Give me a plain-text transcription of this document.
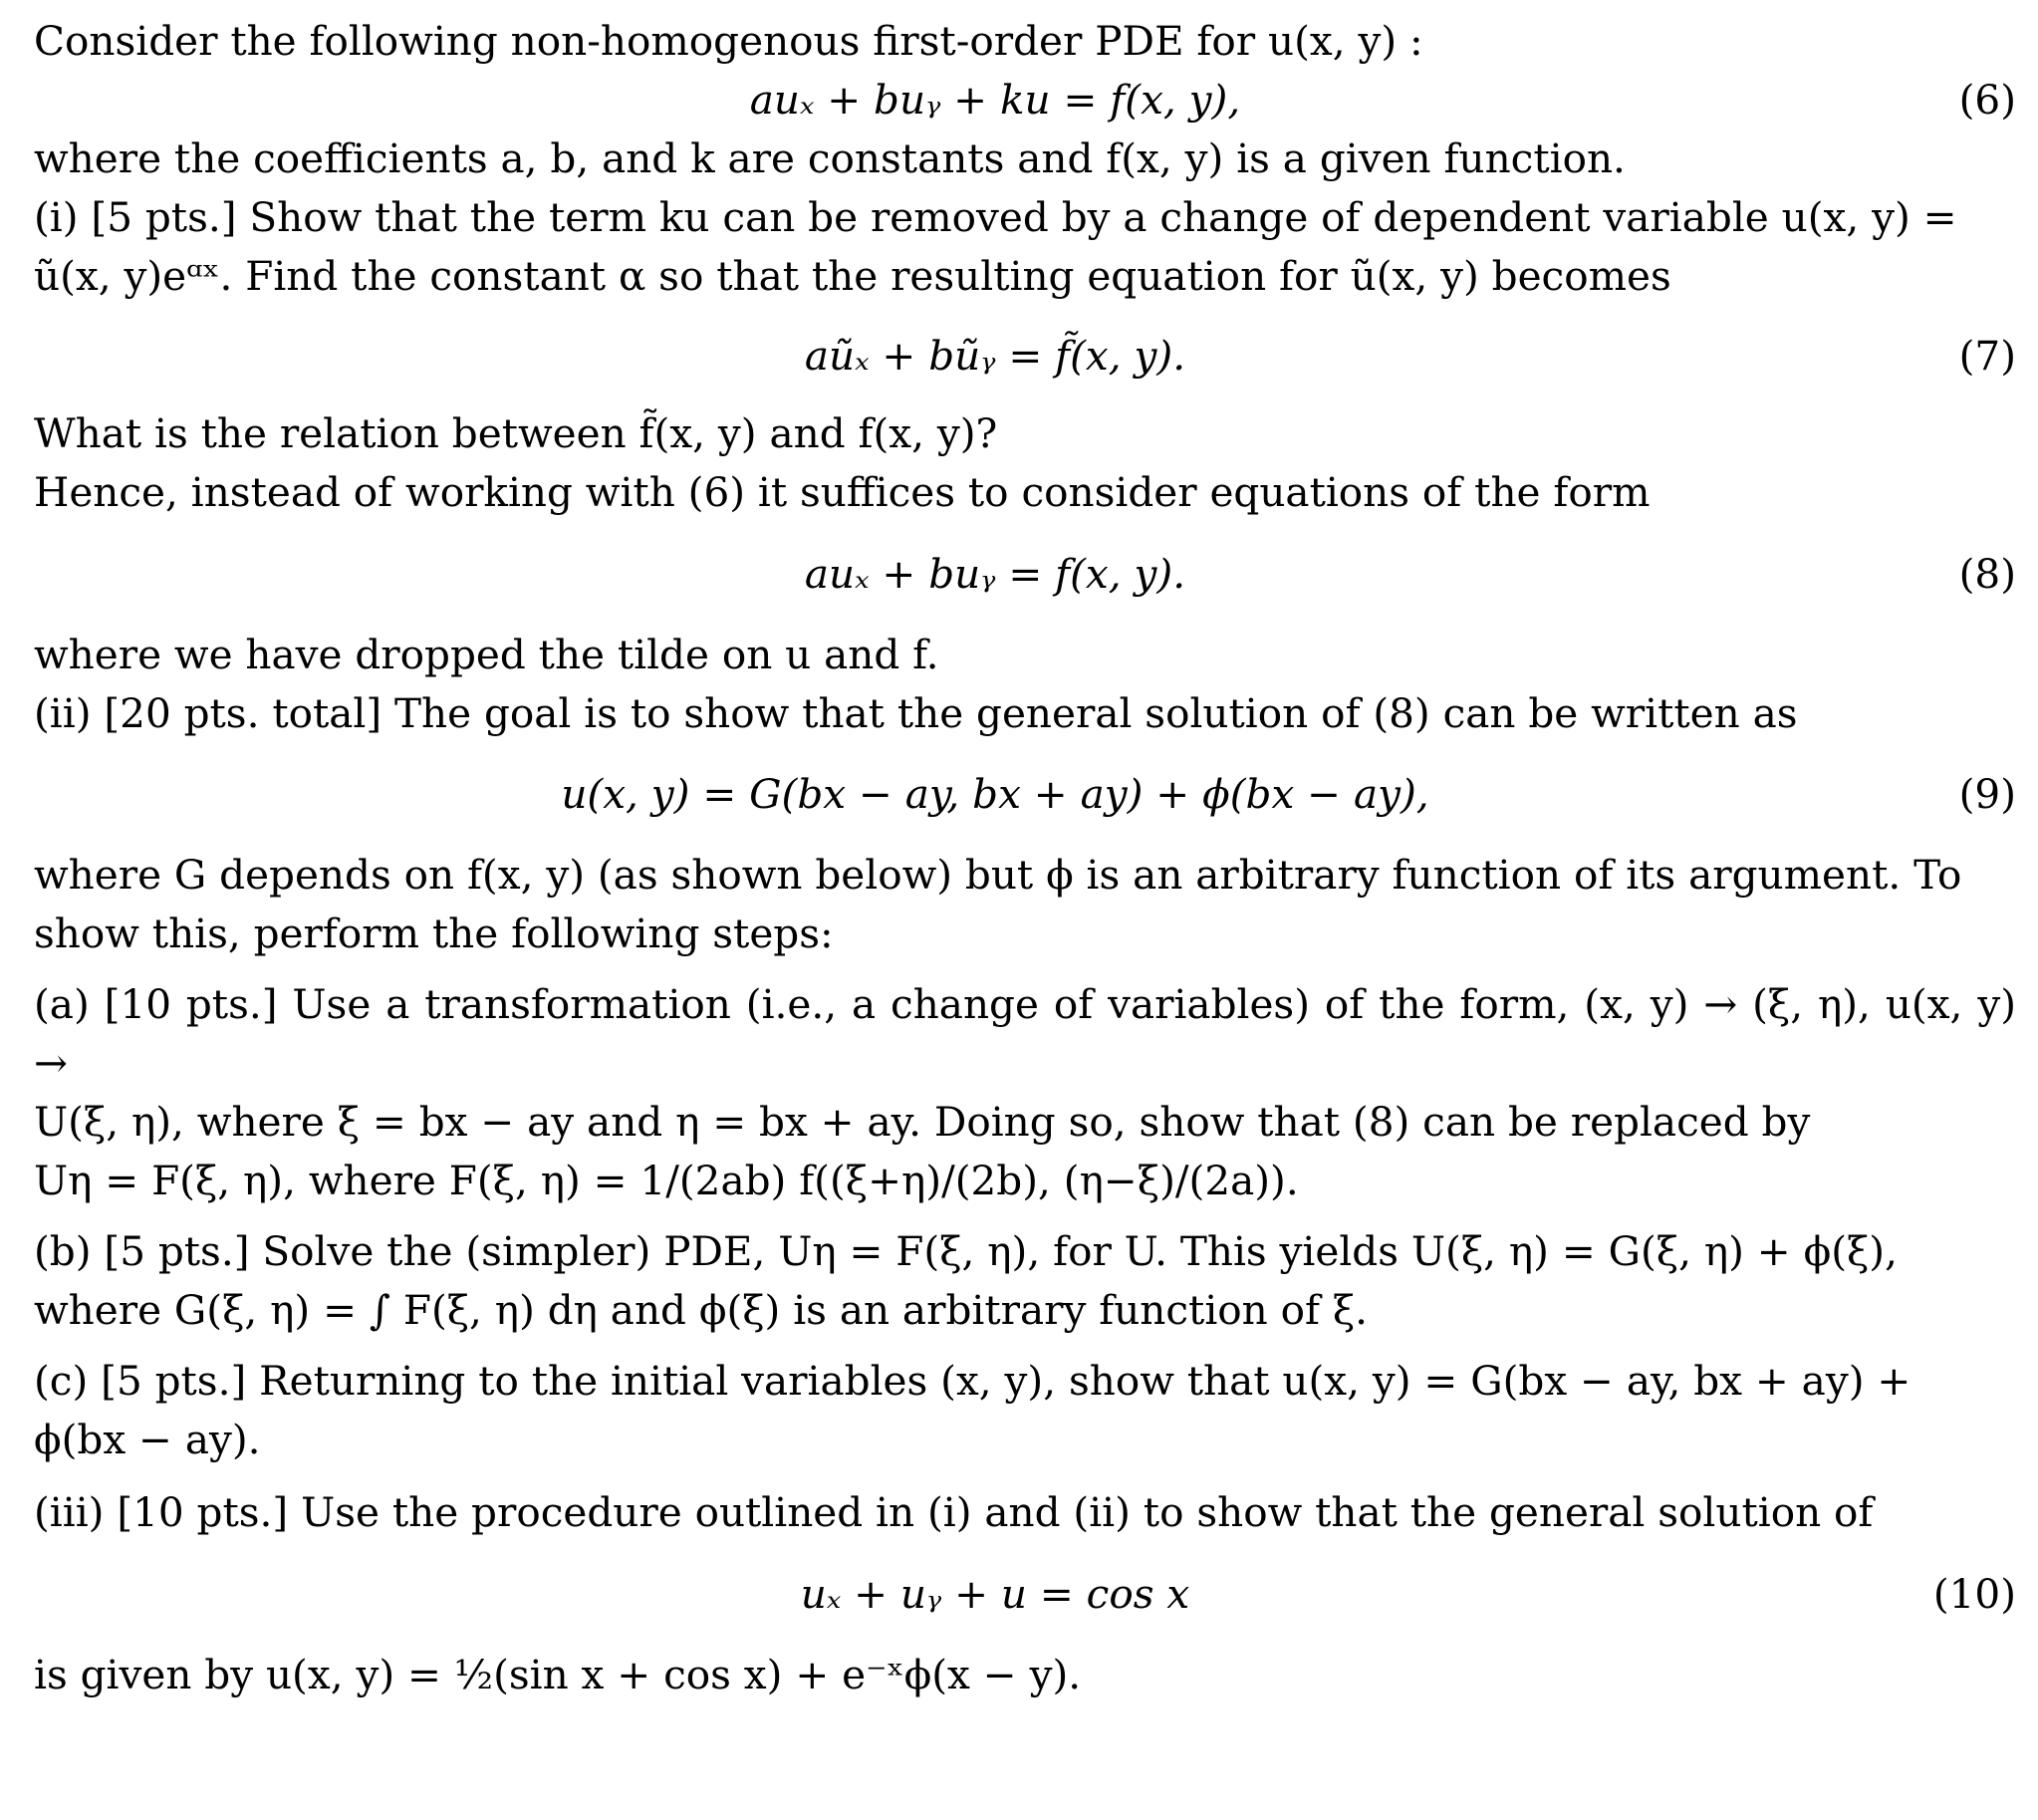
Consider the following non-homogenous first-order PDE for u(x, y) :

auₓ + buᵧ + ku = f(x, y),	(6)

where the coefficients a, b, and k are constants and f(x, y) is a given function.

(i) [5 pts.] Show that the term ku can be removed by a change of dependent variable u(x, y) =

ũ(x, y)eᵅˣ. Find the constant α so that the resulting equation for ũ(x, y) becomes

aũₓ + bũᵧ = f̃(x, y).	(7)

What is the relation between f̃(x, y) and f(x, y)?

Hence, instead of working with (6) it suffices to consider equations of the form

auₓ + buᵧ = f(x, y).	(8)

where we have dropped the tilde on u and f.

(ii) [20 pts. total] The goal is to show that the general solution of (8) can be written as

u(x, y) = G(bx − ay, bx + ay) + ϕ(bx − ay),	(9)

where G depends on f(x, y) (as shown below) but ϕ is an arbitrary function of its argument. To

show this, perform the following steps:

(a) [10 pts.] Use a transformation (i.e., a change of variables) of the form, (x, y) → (ξ, η), u(x, y) →

U(ξ, η), where ξ = bx − ay and η = bx + ay. Doing so, show that (8) can be replaced by

Uη = F(ξ, η), where F(ξ, η) = 1/(2ab) f((ξ+η)/(2b), (η−ξ)/(2a)).

(b) [5 pts.] Solve the (simpler) PDE, Uη = F(ξ, η), for U. This yields U(ξ, η) = G(ξ, η) + ϕ(ξ),

where G(ξ, η) = ∫ F(ξ, η) dη and ϕ(ξ) is an arbitrary function of ξ.

(c) [5 pts.] Returning to the initial variables (x, y), show that u(x, y) = G(bx − ay, bx + ay) +

ϕ(bx − ay).

(iii) [10 pts.] Use the procedure outlined in (i) and (ii) to show that the general solution of

uₓ + uᵧ + u = cos x	(10)

is given by u(x, y) = ½(sin x + cos x) + e⁻ˣϕ(x − y).
